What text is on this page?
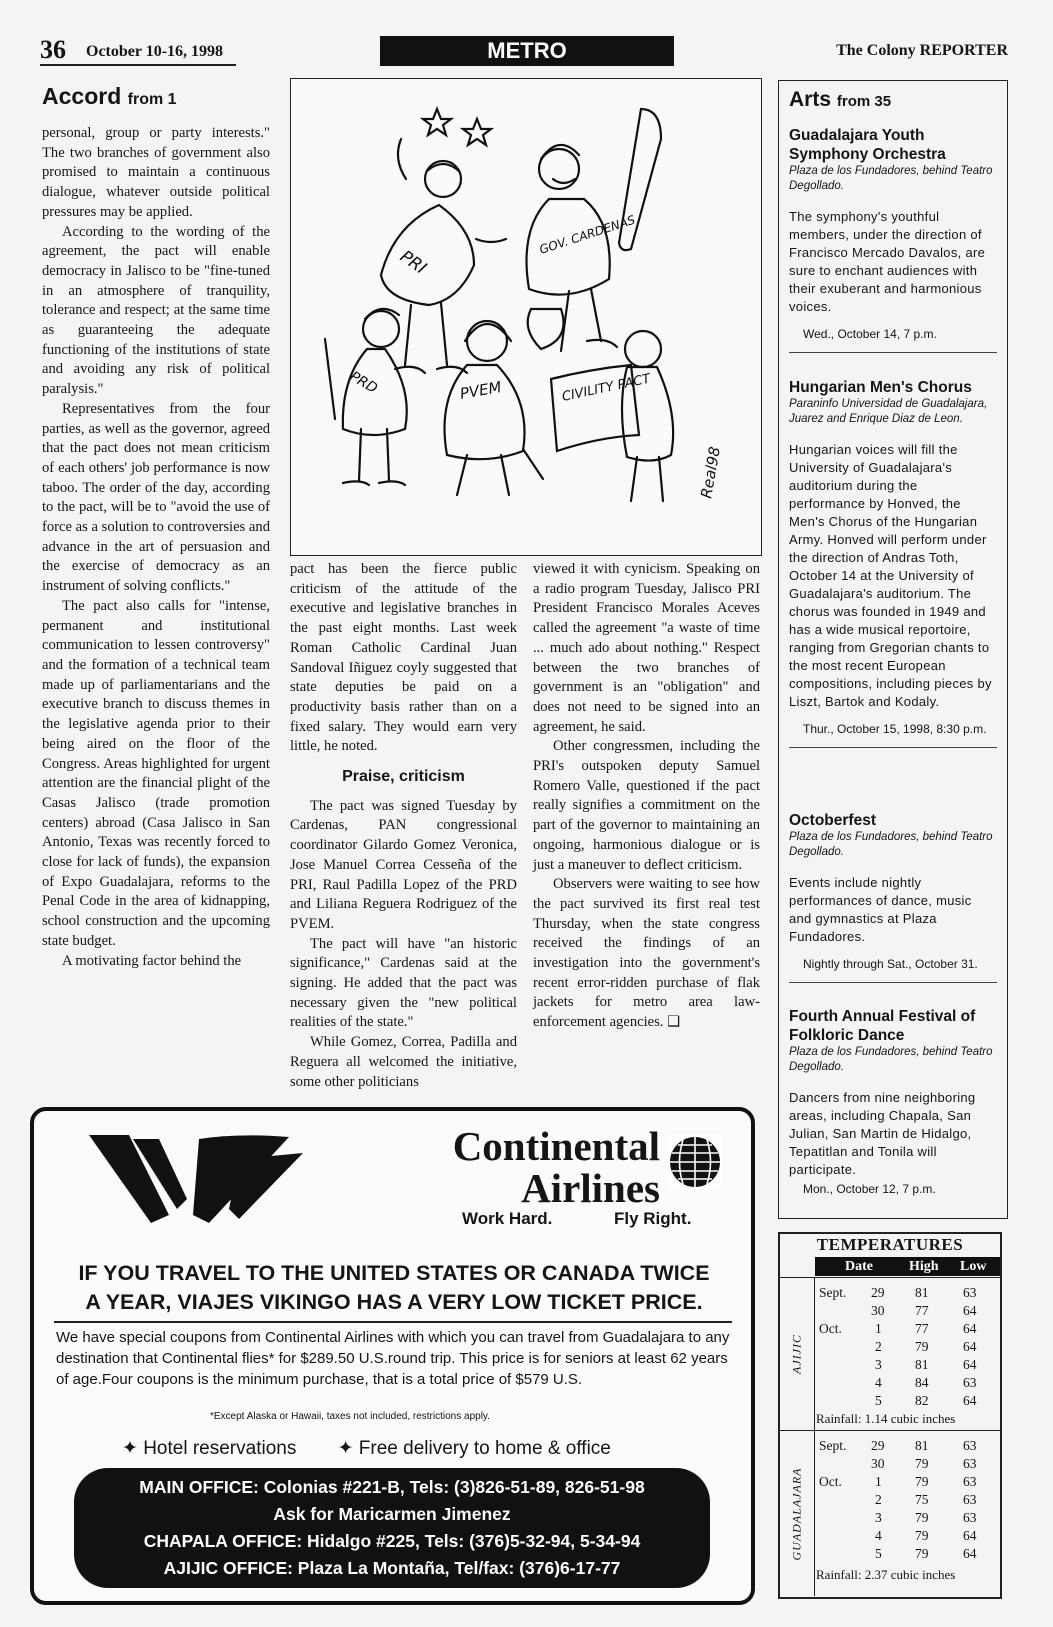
36 October 10-16, 1998	METRO	The Colony REPORTER
Accord from 1

personal, group or party interests." The two branches of government also promised to maintain a continuous dialogue, whatever outside political pressures may be applied.

According to the wording of the agreement, the pact will enable democracy in Jalisco to be "fine-tuned in an atmosphere of tranquility, tolerance and respect; at the same time as guaranteeing the adequate functioning of the institutions of state and avoiding any risk of political paralysis."

Representatives from the four parties, as well as the governor, agreed that the pact does not mean criticism of each others' job performance is now taboo. The order of the day, according to the pact, will be to "avoid the use of force as a solution to controversies and advance in the art of persuasion and the exercise of democracy as an instrument of solving conflicts."

The pact also calls for "intense, permanent and institutional communication to lessen controversy" and the formation of a technical team made up of parliamentarians and the executive branch to discuss themes in the legislative agenda prior to their being aired on the floor of the Congress. Areas highlighted for urgent attention are the financial plight of the Casas Jalisco (trade promotion centers) abroad (Casa Jalisco in San Antonio, Texas was recently forced to close for lack of funds), the expansion of Expo Guadalajara, reforms to the Penal Code in the area of kidnapping, school construction and the upcoming state budget.

A motivating factor behind the

PRI
GOV. CARDENAS
PRD	PVEM	CIVILITY PACT
Real98

pact has been the fierce public criticism of the attitude of the executive and legislative branches in the past eight months. Last week Roman Catholic Cardinal Juan Sandoval Iñiguez coyly suggested that state deputies be paid on a productivity basis rather than on a fixed salary. They would earn very little, he noted.

Praise, criticism

The pact was signed Tuesday by Cardenas, PAN congressional coordinator Gilardo Gomez Veronica, Jose Manuel Correa Cesseña of the PRI, Raul Padilla Lopez of the PRD and Liliana Reguera Rodriguez of the PVEM.

The pact will have "an historic significance," Cardenas said at the signing. He added that the pact was necessary given the "new political realities of the state."

While Gomez, Correa, Padilla and Reguera all welcomed the initiative, some other politicians

viewed it with cynicism. Speaking on a radio program Tuesday, Jalisco PRI President Francisco Morales Aceves called the agreement "a waste of time ... much ado about nothing." Respect between the two branches of government is an "obligation" and does not need to be signed into an agreement, he said.

Other congressmen, including the PRI's outspoken deputy Samuel Romero Valle, questioned if the pact really signifies a commitment on the part of the governor to maintaining an ongoing, harmonious dialogue or is just a maneuver to deflect criticism.

Observers were waiting to see how the pact survived its first real test Thursday, when the state congress received the findings of an investigation into the government's recent error-ridden purchase of flak jackets for metro area law-enforcement agencies. ❑

Arts from 35
Guadalajara Youth Symphony Orchestra
Plaza de los Fundadores, behind Teatro Degollado.
The symphony's youthful members, under the direction of Francisco Mercado Davalos, are sure to enchant audiences with their exuberant and harmonious voices.
Wed., October 14, 7 p.m.
Hungarian Men's Chorus
Paraninfo Universidad de Guadalajara, Juarez and Enrique Diaz de Leon.
Hungarian voices will fill the University of Guadalajara's auditorium during the performance by Honved, the Men's Chorus of the Hungarian Army. Honved will perform under the direction of Andras Toth, October 14 at the University of Guadalajara's auditorium. The chorus was founded in 1949 and has a wide musical reportoire, ranging from Gregorian chants to the most recent European compositions, including pieces by Liszt, Bartok and Kodaly.
Thur., October 15, 1998, 8:30 p.m.
Octoberfest
Plaza de los Fundadores, behind Teatro Degollado.
Events include nightly performances of dance, music and gymnastics at Plaza Fundadores.
Nightly through Sat., October 31.
Fourth Annual Festival of Folkloric Dance
Plaza de los Fundadores, behind Teatro Degollado.
Dancers from nine neighboring areas, including Chapala, San Julian, San Martin de Hidalgo, Tepatitlan and Tonila will participate.
Mon., October 12, 7 p.m.
TEMPERATURES
Date	High Low
AJIJIC
Sept. 29 81	63
30 77	64
Oct. 1 77	64
2 79	64
3 81	64
4 84	63
5 82	64
Rainfall: 1.14 cubic inches
GUADALAJARA
Sept. 29 81	63
30 79	63
Oct. 1 79	63
2 75	63
3 79	63
4 79	64
5 79	64
Rainfall: 2.37 cubic inches
Continental
Airlines
Work Hard.	Fly Right.
IF YOU TRAVEL TO THE UNITED STATES OR CANADA TWICE
A YEAR, VIAJES VIKINGO HAS A VERY LOW TICKET PRICE.
We have special coupons from Continental Airlines with which you can travel from Guadalajara to any destination that Continental flies* for $289.50 U.S.round trip. This price is for seniors at least 62 years of age.Four coupons is the minimum purchase, that is a total price of $579 U.S.
*Except Alaska or Hawaii, taxes not included, restrictions apply.
✦ Hotel reservations ✦ Free delivery to home & office
MAIN OFFICE: Colonias #221-B, Tels: (3)826-51-89, 826-51-98
Ask for Maricarmen Jimenez
CHAPALA OFFICE: Hidalgo #225, Tels: (376)5-32-94, 5-34-94
AJIJIC OFFICE: Plaza La Montaña, Tel/fax: (376)6-17-77
